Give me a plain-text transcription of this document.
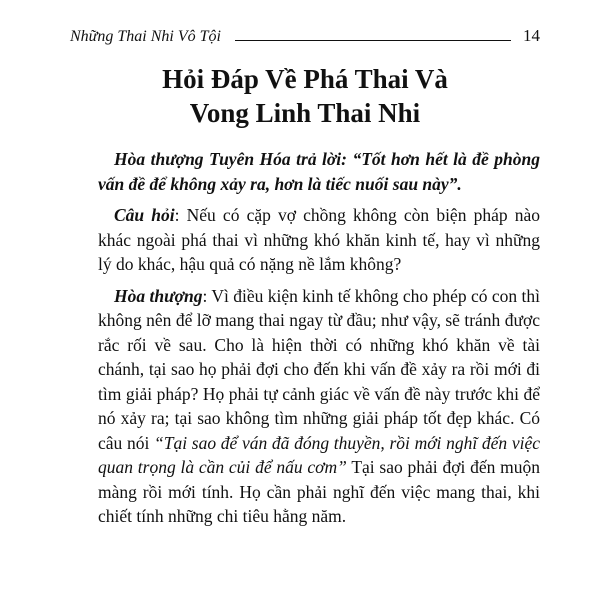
Những Thai Nhi Vô Tội	14
Hỏi Đáp Về Phá Thai Và
Vong Linh Thai Nhi

Hòa thượng Tuyên Hóa trả lời: “Tốt hơn hết là đề phòng vấn đề để không xảy ra, hơn là tiếc nuối sau này”.

Câu hỏi: Nếu có cặp vợ chồng không còn biện pháp nào khác ngoài phá thai vì những khó khăn kinh tế, hay vì những lý do khác, hậu quả có nặng nề lắm không?

Hòa thượng: Vì điều kiện kinh tế không cho phép có con thì không nên để lỡ mang thai ngay từ đầu; như vậy, sẽ tránh được rắc rối về sau. Cho là hiện thời có những khó khăn về tài chánh, tại sao họ phải đợi cho đến khi vấn đề xảy ra rồi mới đi tìm giải pháp? Họ phải tự cảnh giác về vấn đề này trước khi để nó xảy ra; tại sao không tìm những giải pháp tốt đẹp khác. Có câu nói “Tại sao để ván đã đóng thuyền, rồi mới nghĩ đến việc quan trọng là cần củi để nấu cơm” Tại sao phải đợi đến muộn màng rồi mới tính. Họ cần phải nghĩ đến việc mang thai, khi chiết tính những chi tiêu hằng năm.
